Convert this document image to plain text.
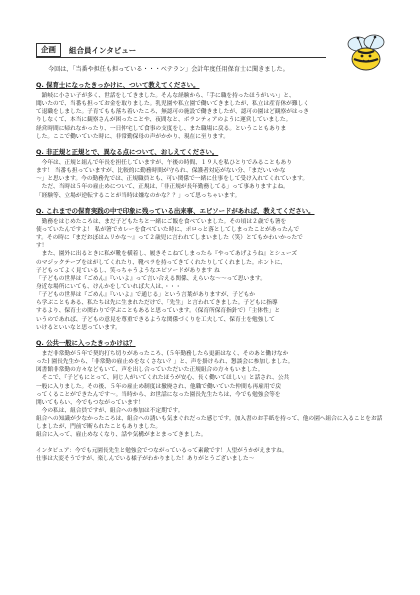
企画	組合員インタビュー
今回は、「当番や担任も担っている・・・ベテラン」会計年度任用保育士に聞きました。
Q. 保育士になったきっかけに、ついて教えてください。
　鎮岐に小さい子が多く、世話をしてきました。そんな経験から、「手に職を持ったほうがいい」と、
聞いたので、当番も担ってお金を取りました。乳児園や私立園で働いてきましたが、私立は産育休が難しく
て退職をしました。子育てもも落ち着いたころ、無認可の施設で働きましたが、認可の園はど観察がはっき
りしなくて、本当に観察さんが困ったことや、夜間なと、ボランティアのように運営していました。
経営時間に帰れなかったり、一日仲宅して食事の支度をし、また職場に戻る。ということもありま
した。ここで働いていた時に、非常勤保母の声がかかり、現在に至ります。
Q. 非正規と正規とで、異なる点について、おしえてください。
　今年は、正規と組んで年長を担任していますが、午後の時間、１９人を私ひとりでみることもあり
ます！ 当番も担っていますが、比較的に勤務時間が守られ、保護者対応がない分、「まだいいかな
～」と思います。今の勤務先では、正規職員とも、可い関係で一緒に仕事をして受け入れてくれています。
　ただ、当時は５年の雇止めについて、正規は、「非正規が長年勤務してる」って事ありますよね。
「経験等、立場が逆転することが当時は嫌なのかな？？」って思っちゃいます。
Q. これまでの保育実践の中で印象に残っている出来事、エピソードがあれば、教えてください。
　勤務をはじめたころは、まだ子どもたちと一緒にご飯を食べていました。その頃は２歳でも箸を
使っていたんですよ！ 私が箸でカレーを食べていた時に、ポロっと落としてしまったことがあったんで
す。その時に『まだおぼはムリかな～』って２歳児に言われてしまいました（笑）とてもかわいかったで
す！
　また、園外に出るときに私が靴を横着し、履きそこねてしまったら『やってあげようね』とシューズ
のマジックテープをはがしてくれたり、靴べラを持ってきてくれたりしてくれました。ホントに、
子どもってよく見ているし、笑っちゃうようなエピソードがあります ね
「子どもの世界は『ごめん』『いいよ』って言い合える関係、えらいな～～って思います。
身近な場所にいても、けんかをしていれば大人は、・・・
「子どもの世界は『ごめん』『いいよ』で通じる」という言葉がありますが、子どもか
ら学ぶこともある、私たちは先に生まれただけで、「先生」と言われてきました。子どもに指導
するより、保育士の関わりで学ぶこともあると思っています。（保育所保育指針で）「主体性」と
いうのであれば、子どもの意見を尊重できるような関係づくりを工夫して、保育士を勉強して
いけるといいなと思っています。
Q. 公共一般に入ったきっかけは？
　まだ非常勤が５年で契約打ち切りがあったころ、(５年勤務したら更新はなく、そのあと働けなか
った) 園長先生から、「非常勤の雇止めをなくさない？」と、声を掛けられ、懇談会に参加しました。
図書館非常勤の方々などもいて、声を出し合っていただいた正規組合の方々もいました。
　そこで、『子どもにとって、同じ人がいてくれたほうが安心、長く働いてほしい』と話され、公共
一般に入りました。その後、５年の雇止め制度は撤廃され、他職で働いていた仲間も再雇用で戻
ってくることができたんです～。当時から、お世話になった園長先生たちは、今でも勉強会等を
開いてもらい、今でもつながっています！
　今の私は、組合員ですが、組合への参加は不定期です。
組合への知識が少なかったころは、組合への誘いも気まぐれだった感じです。加入書のお手紙を持って、他の園へ組合に入ることをお話しましたが、門前で断られたこともありました。
組合に入って、雇止めなくなり、話や気構がまとまってきました。
インタビュア：今でも元園長先生と勉強会でつながっているって素敵です！人望がうかがえますね。
仕事は大変そうですが、楽しんでいる様子がわかりました！ありがとうございました～
